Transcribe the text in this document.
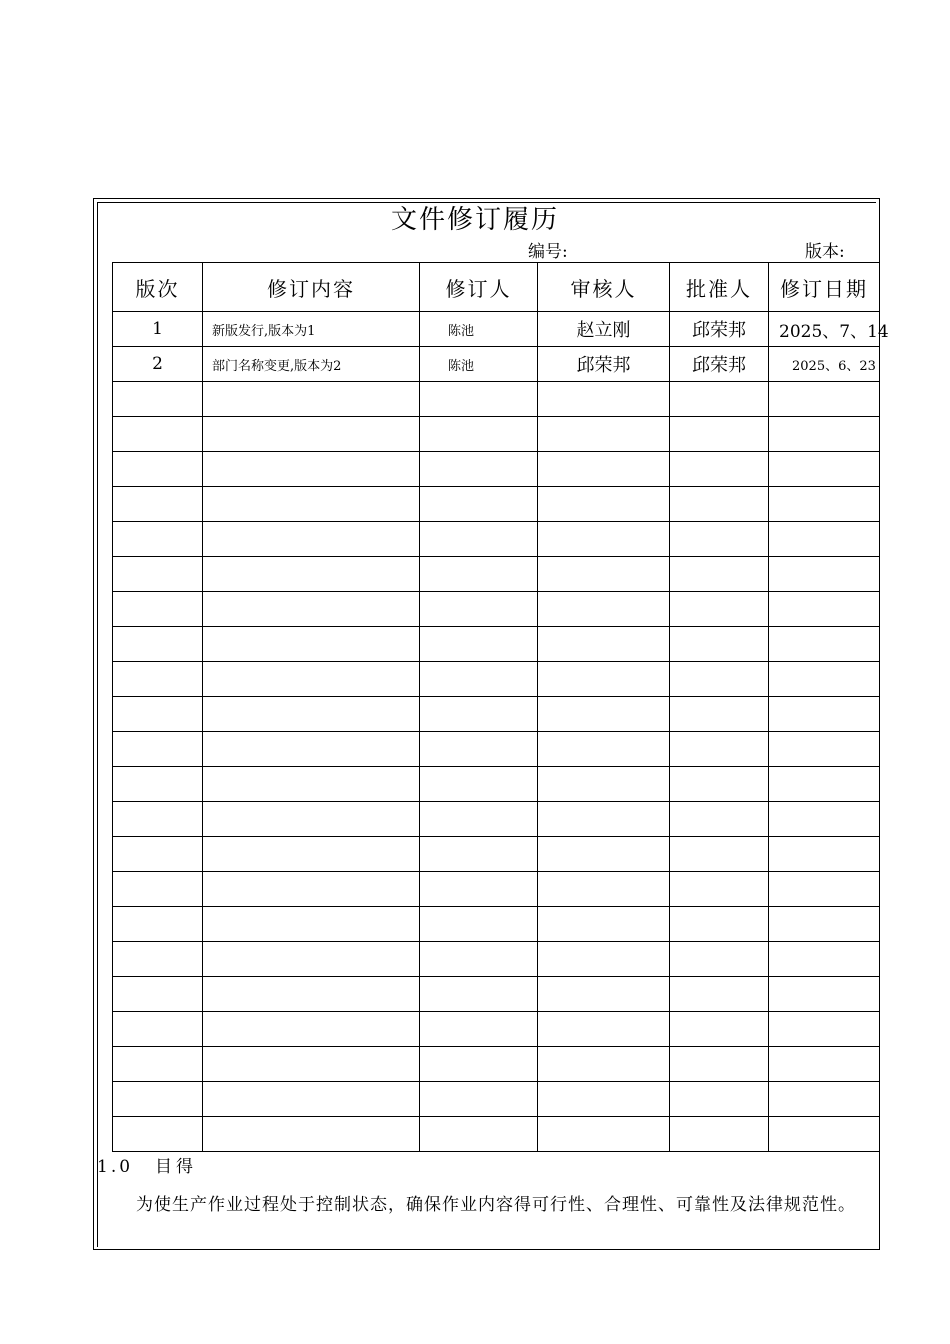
文件修订履历
编号:	版本:
版次	修订内容	修订人	审核人	批准人	修订日期
1	新版发行,版本为1	陈池	赵立刚	邱荣邦	2025、7、14
2	部门名称变更,版本为2	陈池	邱荣邦	邱荣邦	2025、6、23

1.0 目得
为使生产作业过程处于控制状态，确保作业内容得可行性、合理性、可靠性及法律规范性。
